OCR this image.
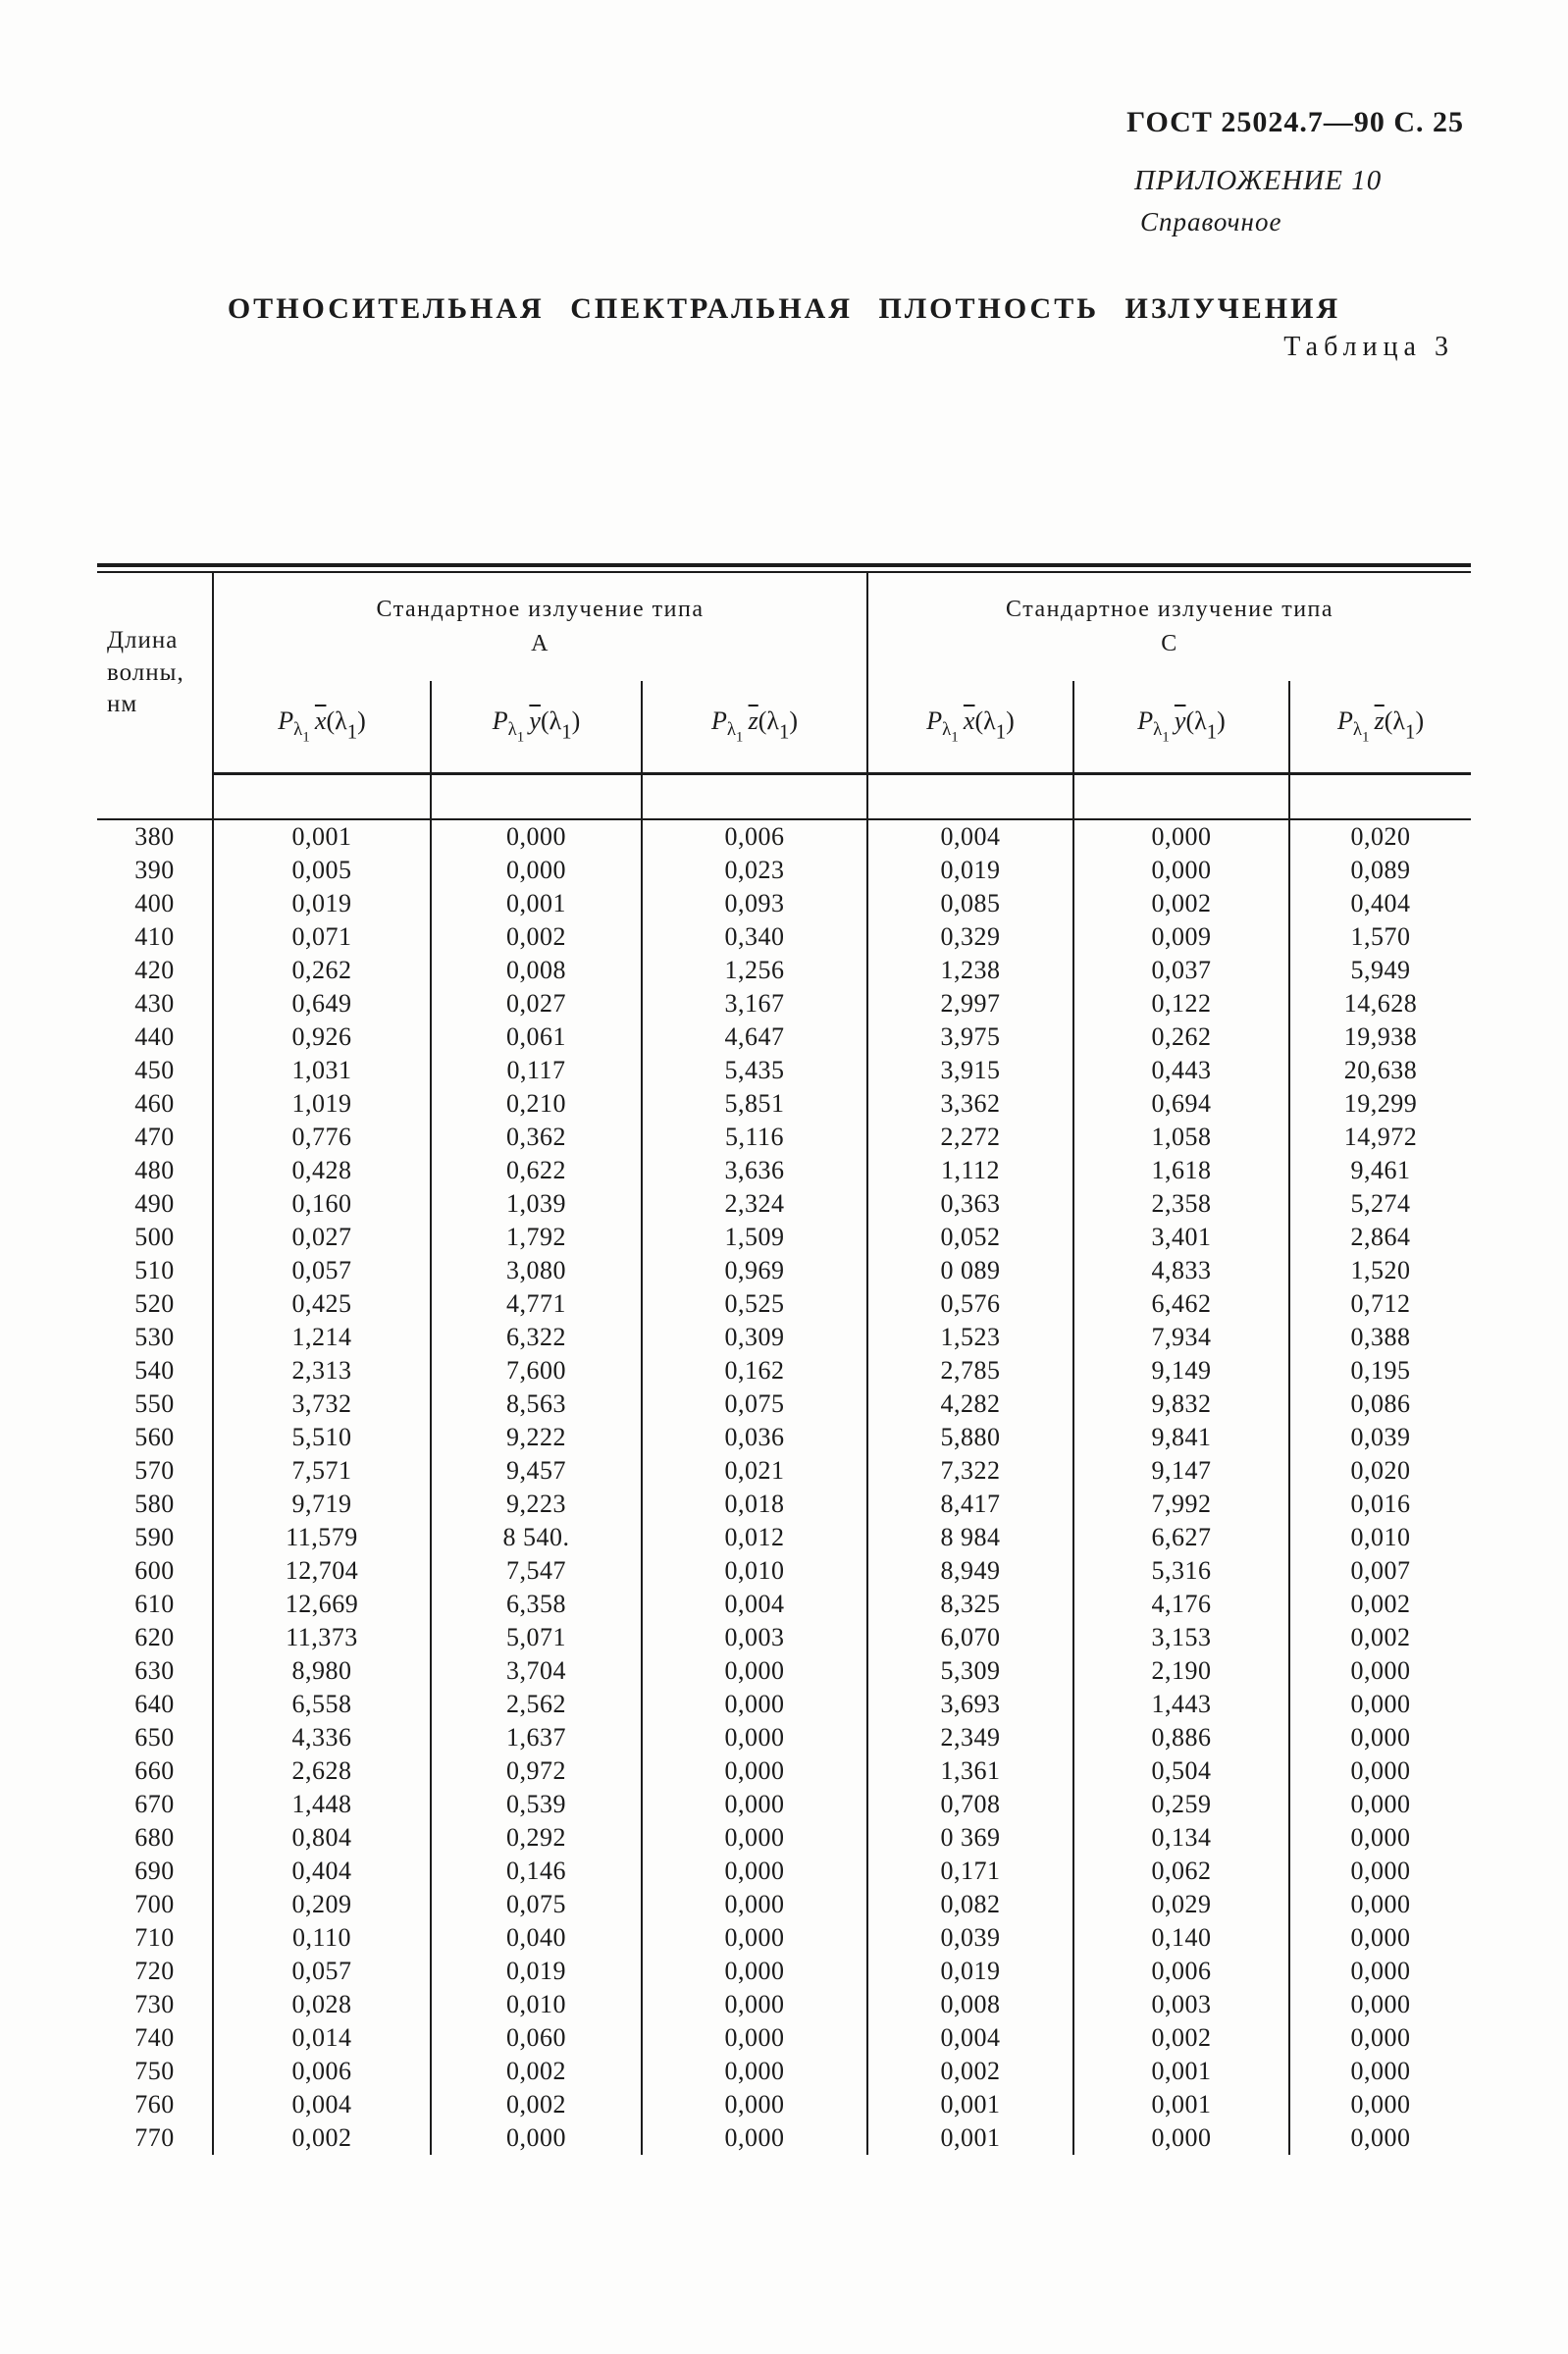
ГОСТ 25024.7—90 С. 25
ПРИЛОЖЕНИЕ 10
Справочное
ОТНОСИТЕЛЬНАЯ СПЕКТРАЛЬНАЯ ПЛОТНОСТЬ ИЗЛУЧЕНИЯ
Таблица 3
Длина волны, нм	Стандартное излучение типа
А			Стандартное излучение типа
С		
	$P_{\lambda_1}$ $\overline{x}(\lambda_1)$	$P_{\lambda_1}$ $\overline{y}(\lambda_1)$	$P_{\lambda_1}$ $\overline{z}(\lambda_1)$	$P_{\lambda_1}$ $\overline{x}(\lambda_1)$	$P_{\lambda_1}$ $\overline{y}(\lambda_1)$	$P_{\lambda_1}$ $\overline{z}(\lambda_1)$

380	0,001	0,000	0,006	0,004	0,000	0,020
390	0,005	0,000	0,023	0,019	0,000	0,089
400	0,019	0,001	0,093	0,085	0,002	0,404
410	0,071	0,002	0,340	0,329	0,009	1,570
420	0,262	0,008	1,256	1,238	0,037	5,949
430	0,649	0,027	3,167	2,997	0,122	14,628
440	0,926	0,061	4,647	3,975	0,262	19,938
450	1,031	0,117	5,435	3,915	0,443	20,638
460	1,019	0,210	5,851	3,362	0,694	19,299
470	0,776	0,362	5,116	2,272	1,058	14,972
480	0,428	0,622	3,636	1,112	1,618	9,461
490	0,160	1,039	2,324	0,363	2,358	5,274
500	0,027	1,792	1,509	0,052	3,401	2,864
510	0,057	3,080	0,969	0 089	4,833	1,520
520	0,425	4,771	0,525	0,576	6,462	0,712
530	1,214	6,322	0,309	1,523	7,934	0,388
540	2,313	7,600	0,162	2,785	9,149	0,195
550	3,732	8,563	0,075	4,282	9,832	0,086
560	5,510	9,222	0,036	5,880	9,841	0,039
570	7,571	9,457	0,021	7,322	9,147	0,020
580	9,719	9,223	0,018	8,417	7,992	0,016
590	11,579	8 540.	0,012	8 984	6,627	0,010
600	12,704	7,547	0,010	8,949	5,316	0,007
610	12,669	6,358	0,004	8,325	4,176	0,002
620	11,373	5,071	0,003	6,070	3,153	0,002
630	8,980	3,704	0,000	5,309	2,190	0,000
640	6,558	2,562	0,000	3,693	1,443	0,000
650	4,336	1,637	0,000	2,349	0,886	0,000
660	2,628	0,972	0,000	1,361	0,504	0,000
670	1,448	0,539	0,000	0,708	0,259	0,000
680	0,804	0,292	0,000	0 369	0,134	0,000
690	0,404	0,146	0,000	0,171	0,062	0,000
700	0,209	0,075	0,000	0,082	0,029	0,000
710	0,110	0,040	0,000	0,039	0,140	0,000
720	0,057	0,019	0,000	0,019	0,006	0,000
730	0,028	0,010	0,000	0,008	0,003	0,000
740	0,014	0,060	0,000	0,004	0,002	0,000
750	0,006	0,002	0,000	0,002	0,001	0,000
760	0,004	0,002	0,000	0,001	0,001	0,000
770	0,002	0,000	0,000	0,001	0,000	0,000
